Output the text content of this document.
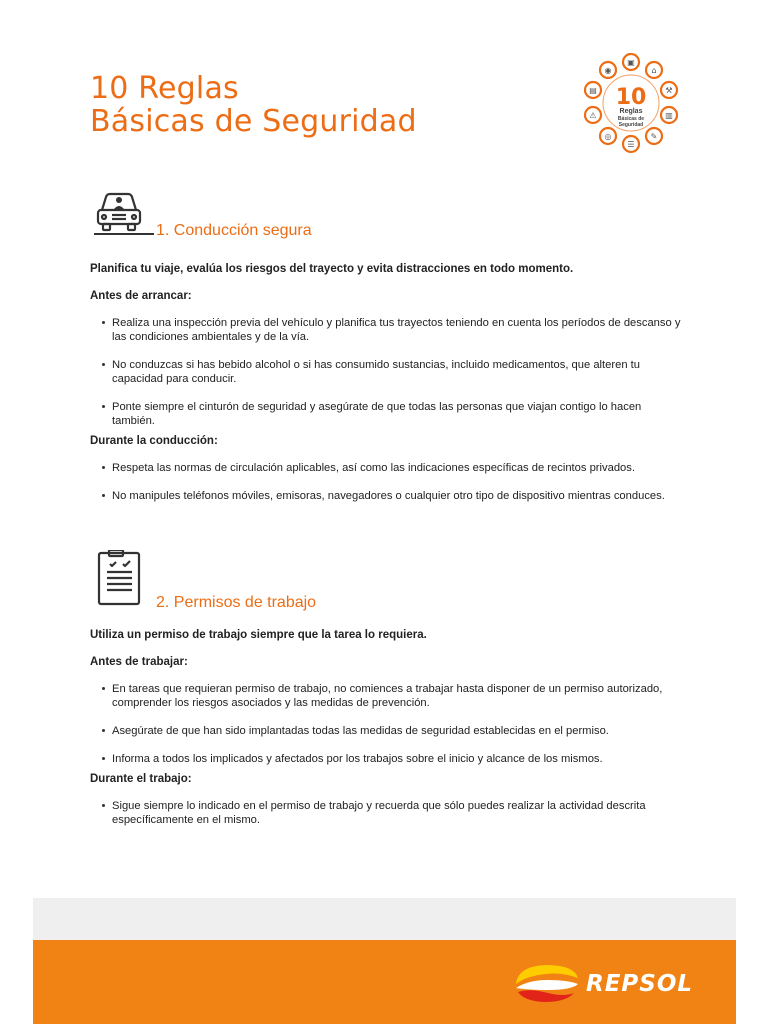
10 Reglas
Básicas de Seguridad
▣
⌂
⚒
▥
✎
☰
◎
⚠
▤
◉
10
Reglas
Básicas de
Seguridad
1. Conducción segura

Planifica tu viaje, evalúa los riesgos del trayecto y evita distracciones en todo momento.

Antes de arrancar:

Realiza una inspección previa del vehículo y planifica tus trayectos teniendo en cuenta los períodos de descanso y las condiciones ambientales y de la vía.
No conduzcas si has bebido alcohol o si has consumido sustancias, incluido medicamentos, que alteren tu capacidad para conducir.
Ponte siempre el cinturón de seguridad y asegúrate de que todas las personas que viajan contigo lo hacen también.

Durante la conducción:

Respeta las normas de circulación aplicables, así como las indicaciones específicas de recintos privados.
No manipules teléfonos móviles, emisoras, navegadores o cualquier otro tipo de dispositivo mientras conduces.
2. Permisos de trabajo

Utiliza un permiso de trabajo siempre que la tarea lo requiera.

Antes de trabajar:

En tareas que requieran permiso de trabajo, no comiences a trabajar hasta disponer de un permiso autorizado, comprender los riesgos asociados y las medidas de prevención.
Asegúrate de que han sido implantadas todas las medidas de seguridad establecidas en el permiso.
Informa a todos los implicados y afectados por los trabajos sobre el inicio y alcance de los mismos.

Durante el trabajo:

Sigue siempre lo indicado en el permiso de trabajo y recuerda que sólo puedes realizar la actividad descrita específicamente en el mismo.
REPSOL
